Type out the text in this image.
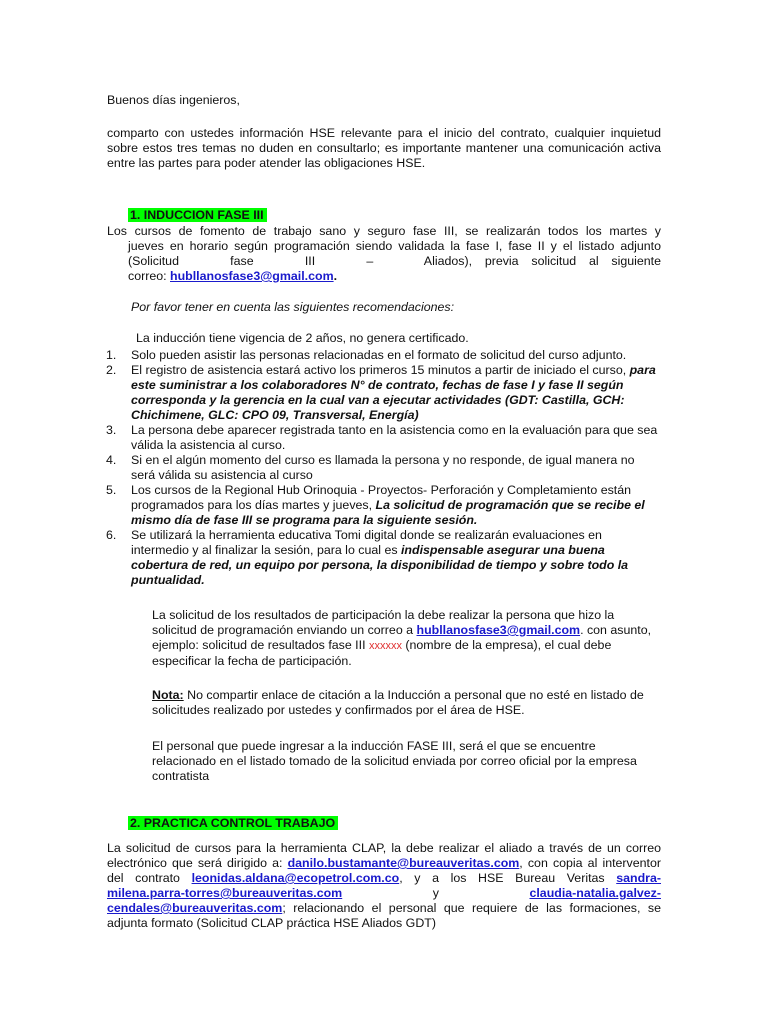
Buenos días ingenieros,

comparto con ustedes información HSE relevante para el inicio del contrato, cualquier inquietud sobre estos tres temas no duden en consultarlo; es importante mantener una comunicación activa entre las partes para poder atender las obligaciones HSE.

1. INDUCCION FASE III
Los cursos de fomento de trabajo sano y seguro fase III, se realizarán todos los martes y
jueves en horario según programación siendo validada la fase I, fase II y el listado adjunto
(Solicitud    fase    III    –    Aliados), previa solicitud al siguiente
correo: hubllanosfase3@gmail.com.

Por favor tener en cuenta las siguientes recomendaciones:

La inducción tiene vigencia de 2 años, no genera certificado.

1. Solo pueden asistir las personas relacionadas en el formato de solicitud del curso adjunto.
2. El registro de asistencia estará activo los primeros 15 minutos a partir de iniciado el curso, para este suministrar a los colaboradores N° de contrato, fechas de fase I y fase II según corresponda y la gerencia en la cual van a ejecutar actividades (GDT: Castilla, GCH: Chichimene, GLC: CPO 09, Transversal, Energía)
3. La persona debe aparecer registrada tanto en la asistencia como en la evaluación para que sea válida la asistencia al curso.
4. Si en el algún momento del curso es llamada la persona y no responde, de igual manera no será válida su asistencia al curso
5. Los cursos de la Regional Hub Orinoquia - Proyectos- Perforación y Completamiento están programados para los días martes y jueves, La solicitud de programación que se recibe el mismo día de fase III se programa para la siguiente sesión.
6. Se utilizará la herramienta educativa Tomi digital donde se realizarán evaluaciones en intermedio y al finalizar la sesión, para lo cual es indispensable asegurar una buena cobertura de red, un equipo por persona, la disponibilidad de tiempo y sobre todo la puntualidad.

La solicitud de los resultados de participación la debe realizar la persona que hizo la solicitud de programación enviando un correo a hubllanosfase3@gmail.com. con asunto, ejemplo: solicitud de resultados fase III xxxxxx (nombre de la empresa), el cual debe especificar la fecha de participación.

Nota: No compartir enlace de citación a la Inducción a personal que no esté en listado de solicitudes realizado por ustedes y confirmados por el área de HSE.

El personal que puede ingresar a la inducción FASE III, será el que se encuentre relacionado en el listado tomado de la solicitud enviada por correo oficial por la empresa contratista

2. PRACTICA CONTROL TRABAJO

La solicitud de cursos para la herramienta CLAP, la debe realizar el aliado a través de un correo electrónico que será dirigido a: danilo.bustamante@bureauveritas.com, con copia al interventor del contrato leonidas.aldana@ecopetrol.com.co, y a los HSE Bureau Veritas sandra-milena.parra-torres@bureauveritas.com y claudia-natalia.galvez-cendales@bureauveritas.com; relacionando el personal que requiere de las formaciones, se adjunta formato (Solicitud CLAP práctica HSE Aliados GDT)
